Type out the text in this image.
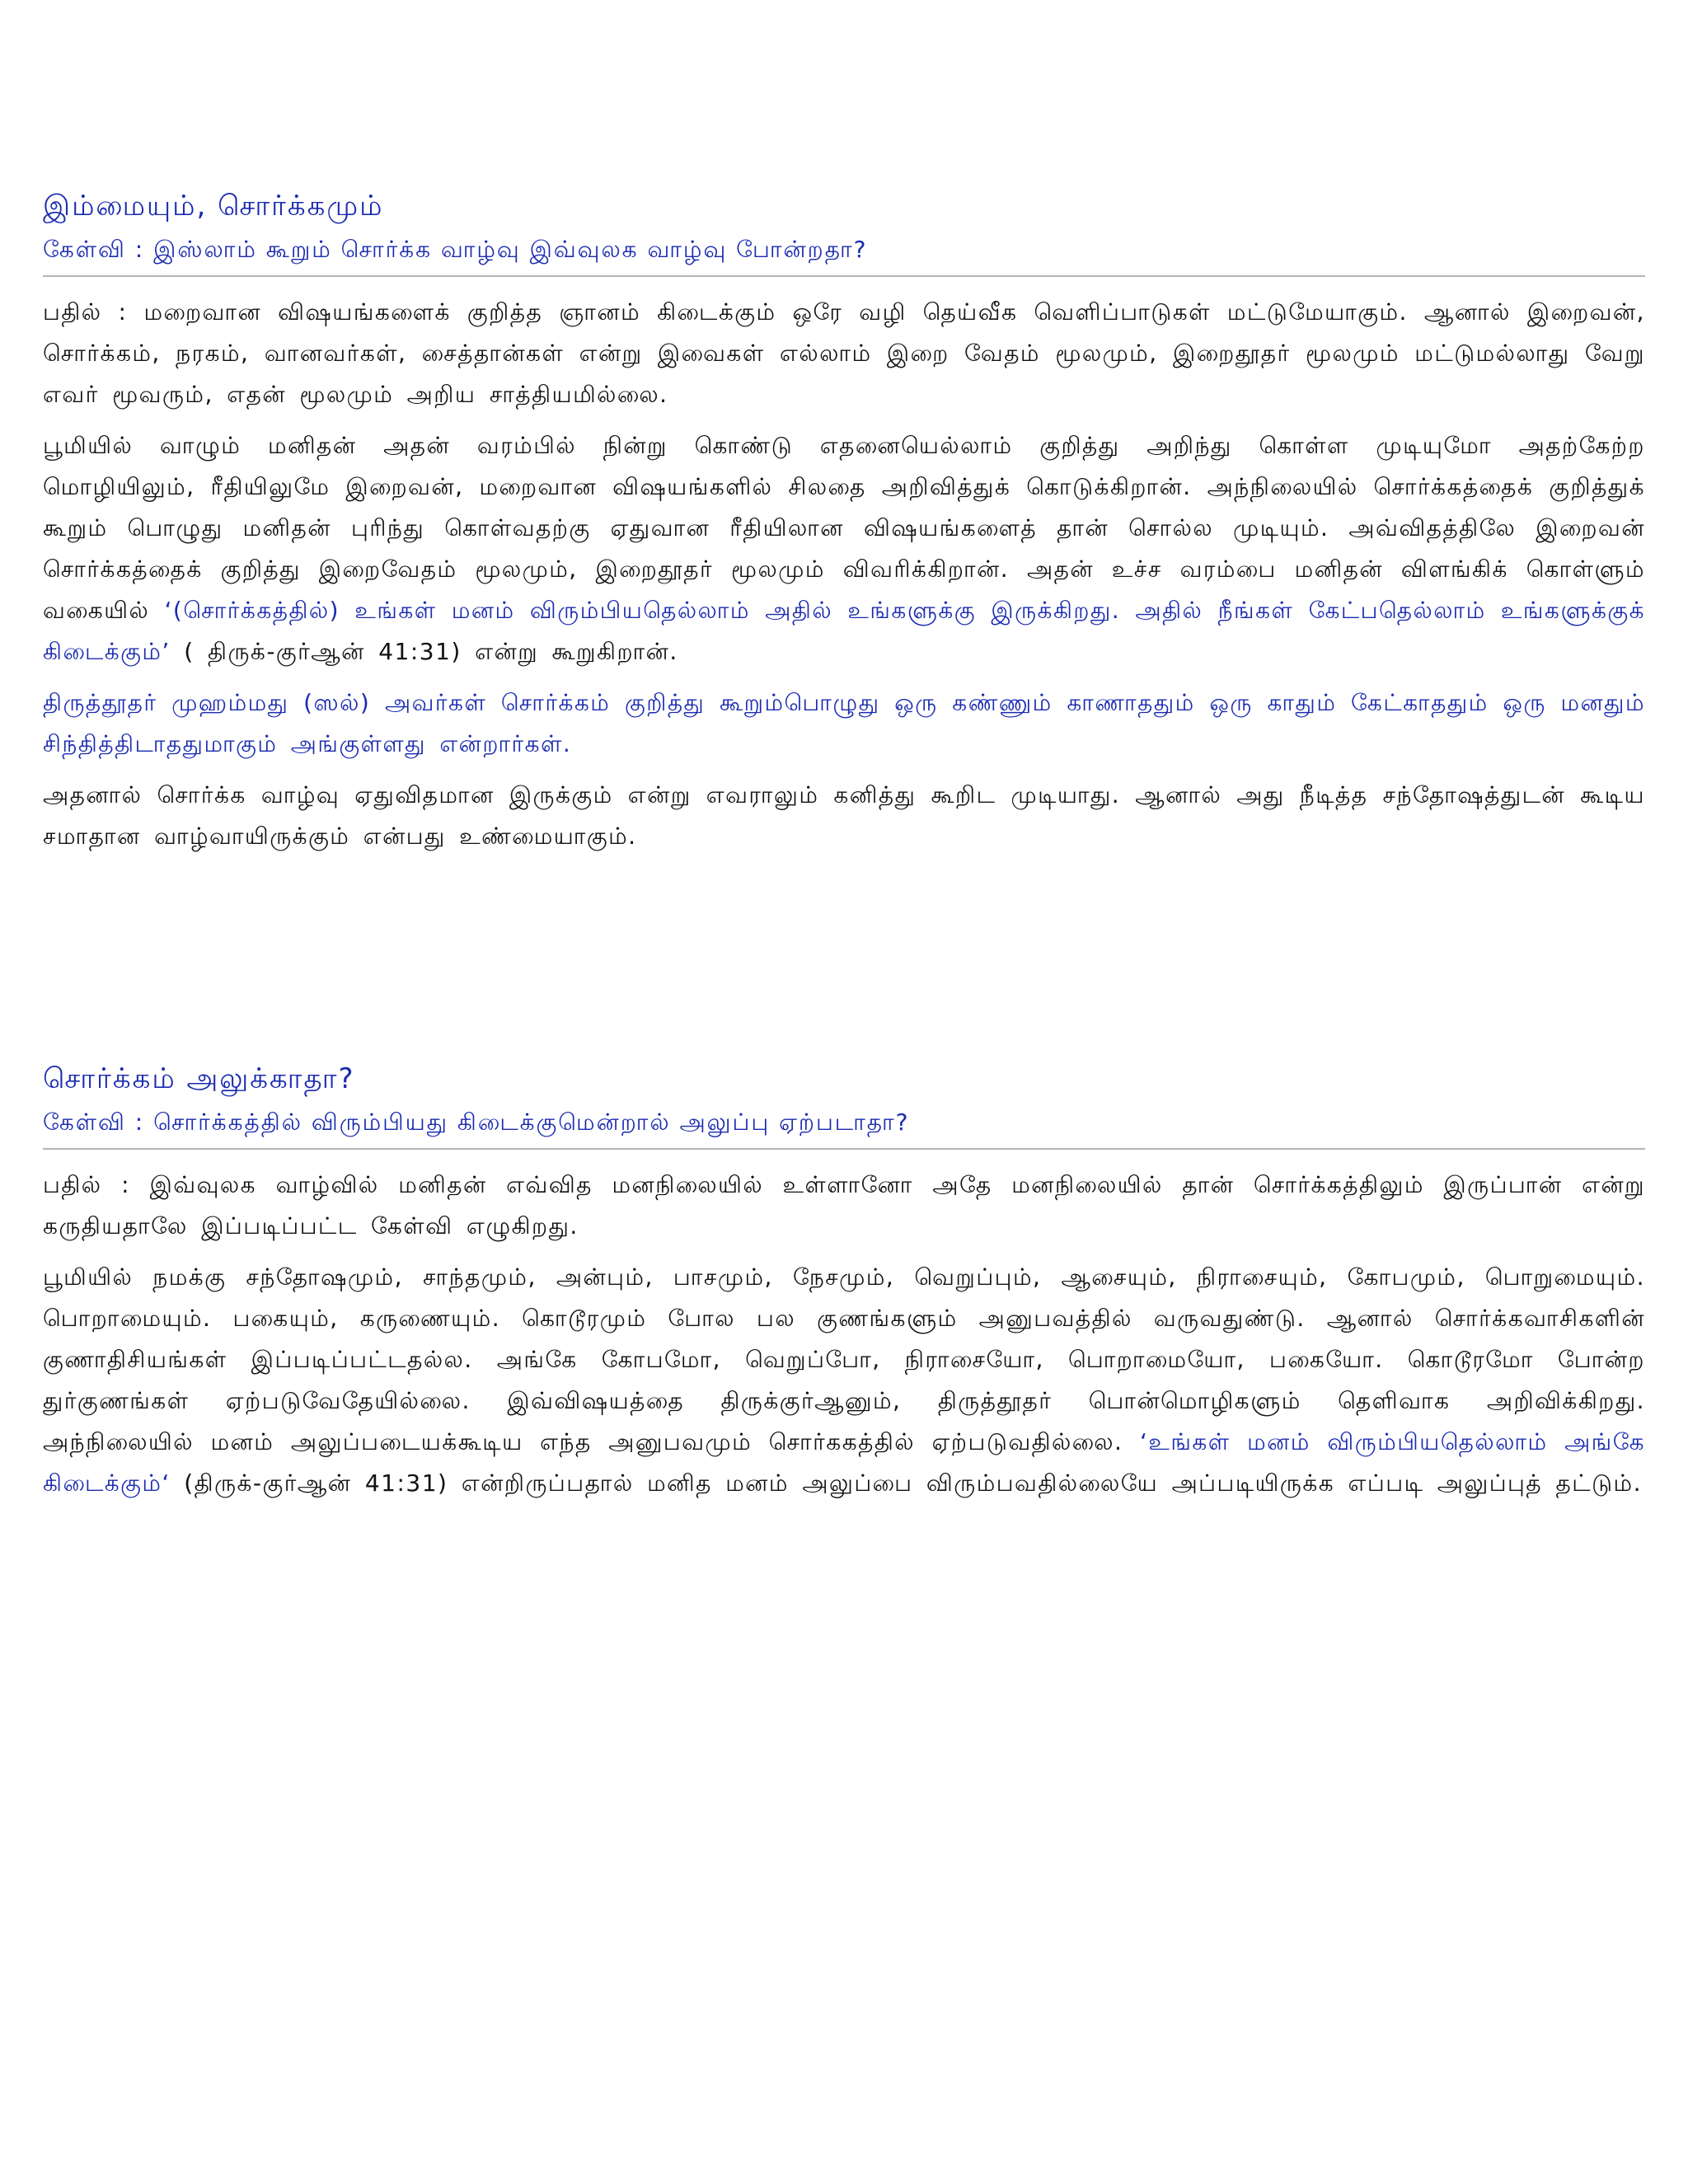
இம்மையும், சொர்க்கமும்

கேள்வி : இஸ்லாம் கூறும் சொர்க்க வாழ்வு இவ்வுலக வாழ்வு போன்றதா?

பதில் : மறைவான விஷயங்களைக் குறித்த ஞானம் கிடைக்கும் ஒரே வழி தெய்வீக வெளிப்பாடுகள் மட்டுமேயாகும். ஆனால் இறைவன், சொர்க்கம், நரகம், வானவர்கள், சைத்தான்கள் என்று இவைகள் எல்லாம் இறை வேதம் மூலமும், இறைதூதர் மூலமும் மட்டுமல்லாது வேறு எவர் மூவரும், எதன் மூலமும் அறிய சாத்தியமில்லை.

பூமியில் வாழும் மனிதன் அதன் வரம்பில் நின்று கொண்டு எதனையெல்லாம் குறித்து அறிந்து கொள்ள முடியுமோ அதற்கேற்ற மொழியிலும், ரீதியிலுமே இறைவன், மறைவான விஷயங்களில் சிலதை அறிவித்துக் கொடுக்கிறான். அந்நிலையில் சொர்க்கத்தைக் குறித்துக் கூறும் பொழுது மனிதன் புரிந்து கொள்வதற்கு ஏதுவான ரீதியிலான விஷயங்களைத் தான் சொல்ல முடியும். அவ்விதத்திலே இறைவன் சொர்க்கத்தைக் குறித்து இறைவேதம் மூலமும், இறைதூதர் மூலமும் விவரிக்கிறான். அதன் உச்ச வரம்பை மனிதன் விளங்கிக் கொள்ளும் வகையில் ‘(சொர்க்கத்தில்) உங்கள் மனம் விரும்பியதெல்லாம் அதில் உங்களுக்கு இருக்கிறது. அதில் நீங்கள் கேட்பதெல்லாம் உங்களுக்குக் கிடைக்கும்’ ( திருக்-குர்ஆன் 41:31) என்று கூறுகிறான்.

திருத்தூதர் முஹம்மது (ஸல்) அவர்கள் சொர்க்கம் குறித்து கூறும்பொழுது ஒரு கண்ணும் காணாததும் ஒரு காதும் கேட்காததும் ஒரு மனதும் சிந்தித்திடாததுமாகும் அங்குள்ளது என்றார்கள்.

அதனால் சொர்க்க வாழ்வு ஏதுவிதமான இருக்கும் என்று எவராலும் கனித்து கூறிட முடியாது. ஆனால் அது நீடித்த சந்தோஷத்துடன் கூடிய சமாதான வாழ்வாயிருக்கும் என்பது உண்மையாகும்.

சொர்க்கம் அலுக்காதா?

கேள்வி : சொர்க்கத்தில் விரும்பியது கிடைக்குமென்றால் அலுப்பு ஏற்படாதா?

பதில் : இவ்வுலக வாழ்வில் மனிதன் எவ்வித மனநிலையில் உள்ளானோ அதே மனநிலையில் தான் சொர்க்கத்திலும் இருப்பான் என்று கருதியதாலே இப்படிப்பட்ட கேள்வி எழுகிறது.

பூமியில் நமக்கு சந்தோஷமும், சாந்தமும், அன்பும், பாசமும், நேசமும், வெறுப்பும், ஆசையும், நிராசையும், கோபமும், பொறுமையும். பொறாமையும். பகையும், கருணையும். கொடூரமும் போல பல குணங்களும் அனுபவத்தில் வருவதுண்டு. ஆனால் சொர்க்கவாசிகளின் குணாதிசியங்கள் இப்படிப்பட்டதல்ல. அங்கே கோபமோ, வெறுப்போ, நிராசையோ, பொறாமையோ, பகையோ. கொடூரமோ போன்ற துர்குணங்கள் ஏற்படுவேதேயில்லை. இவ்விஷயத்தை திருக்குர்ஆனும், திருத்தூதர் பொன்மொழிகளும் தெளிவாக அறிவிக்கிறது. அந்நிலையில் மனம் அலுப்படையக்கூடிய எந்த அனுபவமும் சொர்ககத்தில் ஏற்படுவதில்லை. ‘உங்கள் மனம் விரும்பியதெல்லாம் அங்கே கிடைக்கும்‘ (திருக்-குர்ஆன் 41:31) என்றிருப்பதால் மனித மனம் அலுப்பை விரும்பவதில்லையே அப்படியிருக்க எப்படி அலுப்புத் தட்டும்.
